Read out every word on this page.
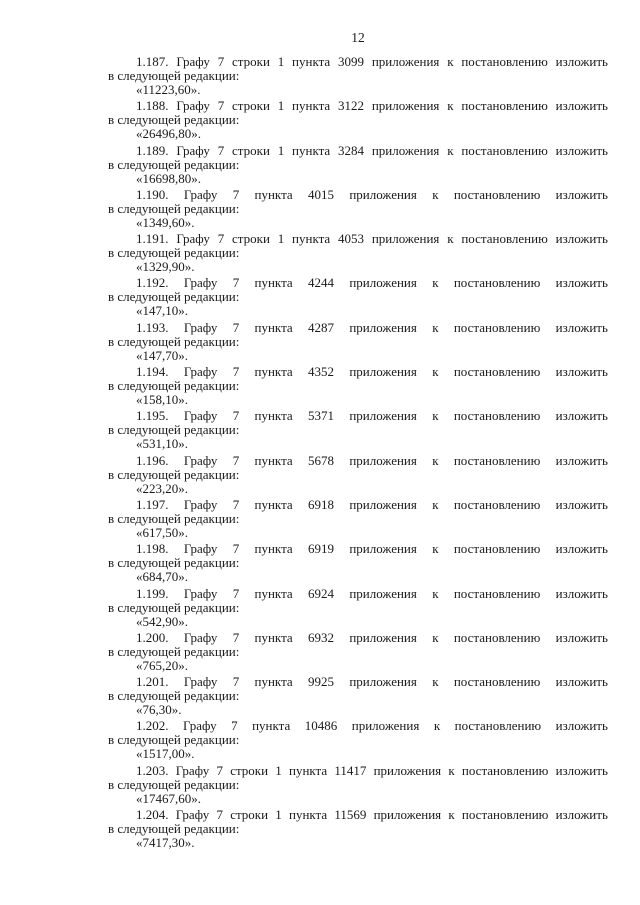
12
1.187. Графу 7 строки 1 пункта 3099 приложения к постановлению изложить
в следующей редакции:
«11223,60».
1.188. Графу 7 строки 1 пункта 3122 приложения к постановлению изложить
в следующей редакции:
«26496,80».
1.189. Графу 7 строки 1 пункта 3284 приложения к постановлению изложить
в следующей редакции:
«16698,80».
1.190. Графу 7 пункта 4015 приложения к постановлению изложить
в следующей редакции:
«1349,60».
1.191. Графу 7 строки 1 пункта 4053 приложения к постановлению изложить
в следующей редакции:
«1329,90».
1.192. Графу 7 пункта 4244 приложения к постановлению изложить
в следующей редакции:
«147,10».
1.193. Графу 7 пункта 4287 приложения к постановлению изложить
в следующей редакции:
«147,70».
1.194. Графу 7 пункта 4352 приложения к постановлению изложить
в следующей редакции:
«158,10».
1.195. Графу 7 пункта 5371 приложения к постановлению изложить
в следующей редакции:
«531,10».
1.196. Графу 7 пункта 5678 приложения к постановлению изложить
в следующей редакции:
«223,20».
1.197. Графу 7 пункта 6918 приложения к постановлению изложить
в следующей редакции:
«617,50».
1.198. Графу 7 пункта 6919 приложения к постановлению изложить
в следующей редакции:
«684,70».
1.199. Графу 7 пункта 6924 приложения к постановлению изложить
в следующей редакции:
«542,90».
1.200. Графу 7 пункта 6932 приложения к постановлению изложить
в следующей редакции:
«765,20».
1.201. Графу 7 пункта 9925 приложения к постановлению изложить
в следующей редакции:
«76,30».
1.202. Графу 7 пункта 10486 приложения к постановлению изложить
в следующей редакции:
«1517,00».
1.203. Графу 7 строки 1 пункта 11417 приложения к постановлению изложить
в следующей редакции:
«17467,60».
1.204. Графу 7 строки 1 пункта 11569 приложения к постановлению изложить
в следующей редакции:
«7417,30».
